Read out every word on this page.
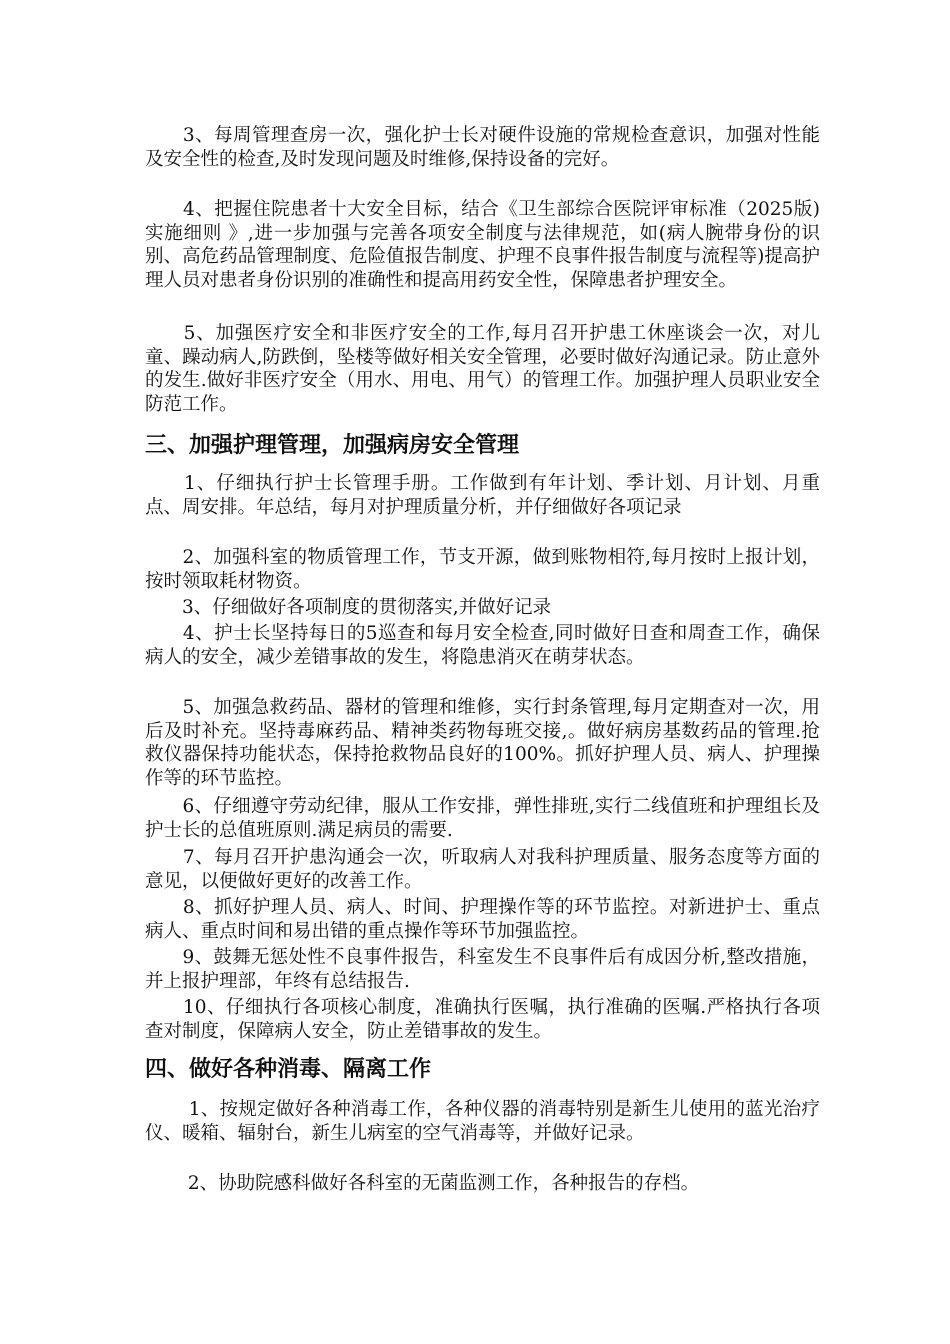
　　3、每周管理查房一次，强化护士长对硬件设施的常规检查意识，加强对性能及安全性的检查,及时发现问题及时维修,保持设备的完好。

　　4、把握住院患者十大安全目标，结合《卫生部综合医院评审标准（2025版)实施细则 》,进一步加强与完善各项安全制度与法律规范，如(病人腕带身份的识别、高危药品管理制度、危险值报告制度、护理不良事件报告制度与流程等)提高护理人员对患者身份识别的准确性和提高用药安全性，保障患者护理安全。

　　5、加强医疗安全和非医疗安全的工作,每月召开护患工休座谈会一次，对儿童、躁动病人,防跌倒，坠楼等做好相关安全管理，必要时做好沟通记录。防止意外的发生.做好非医疗安全（用水、用电、用气）的管理工作。加强护理人员职业安全防范工作。

三、加强护理管理，加强病房安全管理

　　1、仔细执行护士长管理手册。工作做到有年计划、季计划、月计划、月重点、周安排。年总结，每月对护理质量分析，并仔细做好各项记录

　　2、加强科室的物质管理工作，节支开源，做到账物相符,每月按时上报计划，按时领取耗材物资。

　　3、仔细做好各项制度的贯彻落实,并做好记录

　　4、护士长坚持每日的5巡查和每月安全检查,同时做好日查和周查工作，确保病人的安全，减少差错事故的发生，将隐患消灭在萌芽状态。

　　5、加强急救药品、器材的管理和维修，实行封条管理,每月定期查对一次，用后及时补充。坚持毒麻药品、精神类药物每班交接,。做好病房基数药品的管理.抢救仪器保持功能状态，保持抢救物品良好的100%。抓好护理人员、病人、护理操作等的环节监控。

　　6、仔细遵守劳动纪律，服从工作安排，弹性排班,实行二线值班和护理组长及护士长的总值班原则.满足病员的需要.

　　7、每月召开护患沟通会一次，听取病人对我科护理质量、服务态度等方面的意见，以便做好更好的改善工作。

　　8、抓好护理人员、病人、时间、护理操作等的环节监控。对新进护士、重点病人、重点时间和易出错的重点操作等环节加强监控。

　　9、鼓舞无惩处性不良事件报告，科室发生不良事件后有成因分析,整改措施，并上报护理部，年终有总结报告.

　　10、仔细执行各项核心制度，准确执行医嘱，执行准确的医嘱.严格执行各项查对制度，保障病人安全，防止差错事故的发生。

四、做好各种消毒、隔离工作

　　 1、按规定做好各种消毒工作，各种仪器的消毒特别是新生儿使用的蓝光治疗仪、暖箱、辐射台，新生儿病室的空气消毒等，并做好记录。

　　 2、协助院感科做好各科室的无菌监测工作，各种报告的存档。
